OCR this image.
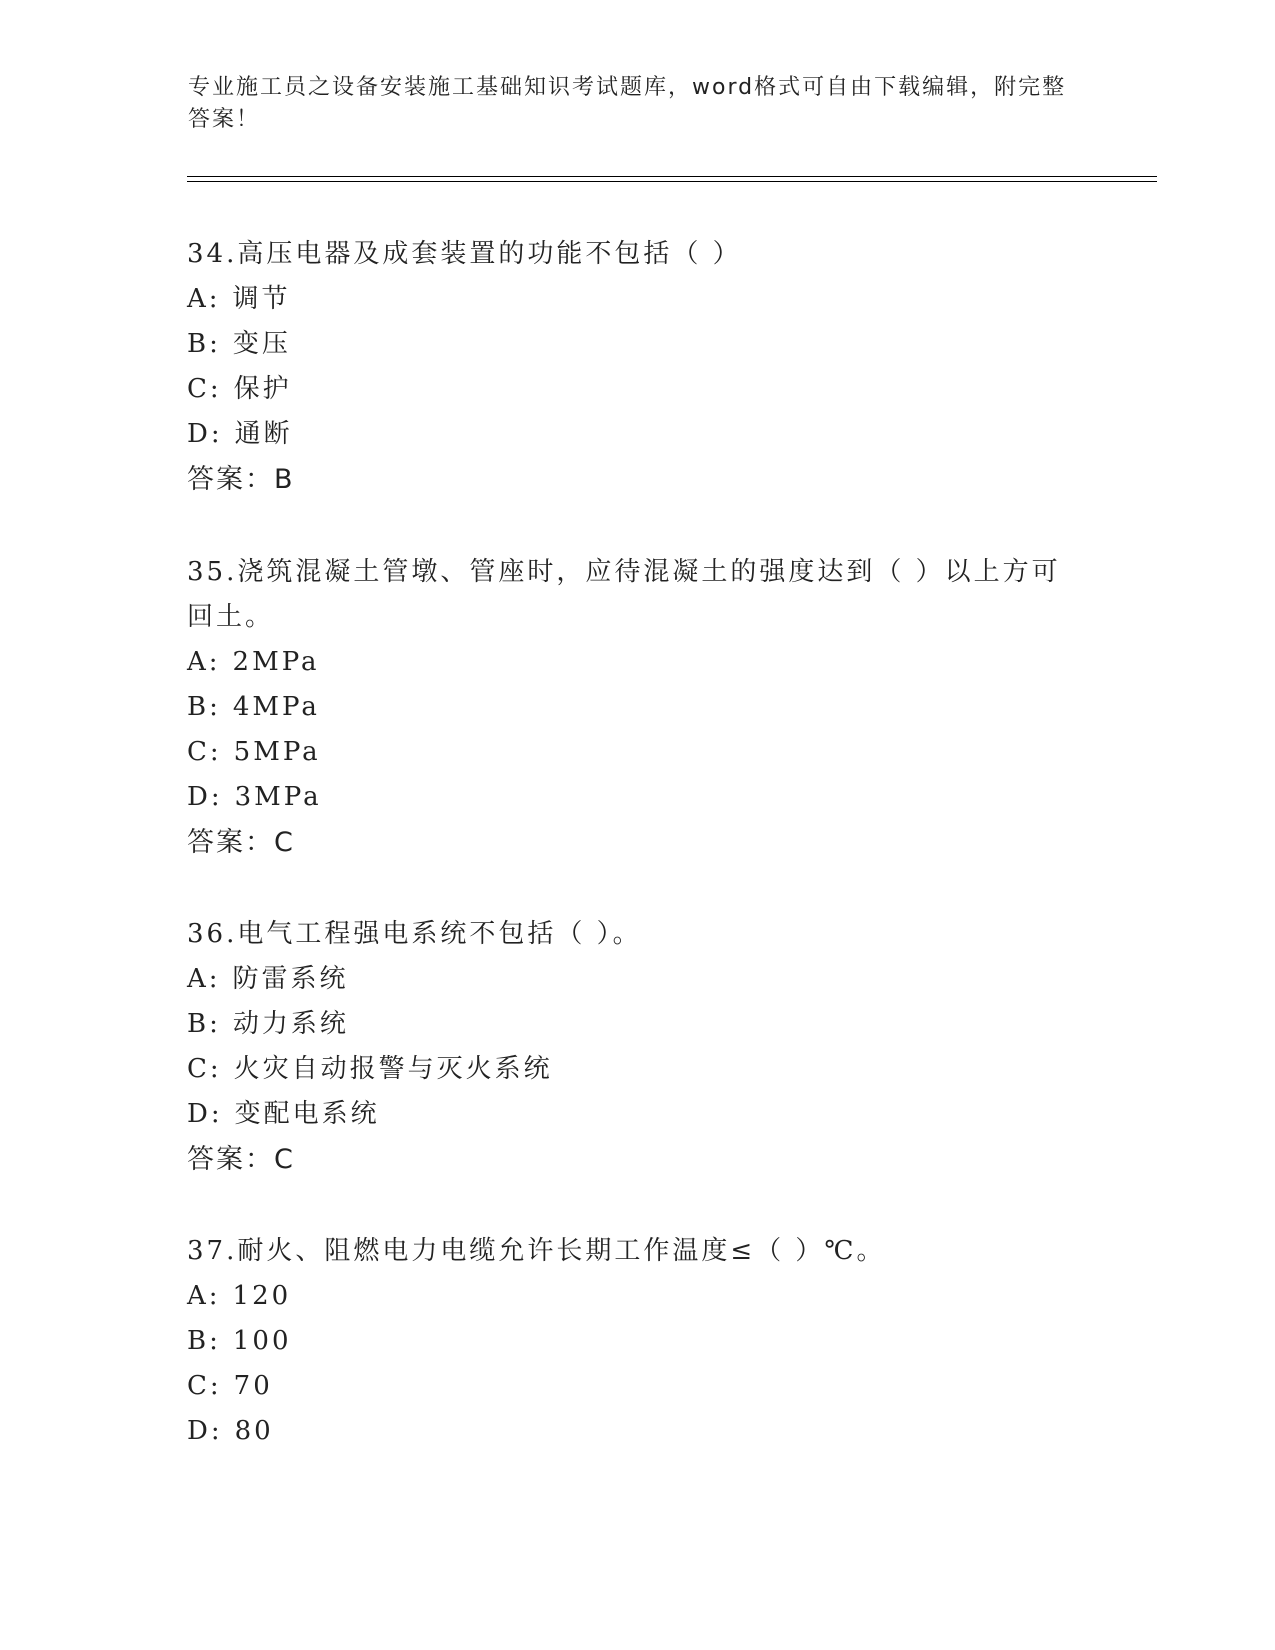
专业施工员之设备安装施工基础知识考试题库，word格式可自由下载编辑，附完整答案！

34.高压电器及成套装置的功能不包括（ ）

A: 调节

B: 变压

C: 保护

D: 通断

答案：B

35.浇筑混凝土管墩、管座时，应待混凝土的强度达到（ ）以上方可回土。

A: 2MPa

B: 4MPa

C: 5MPa

D: 3MPa

答案：C

36.电气工程强电系统不包括（ ）。

A: 防雷系统

B: 动力系统

C: 火灾自动报警与灭火系统

D: 变配电系统

答案：C

37.耐火、阻燃电力电缆允许长期工作温度≤（ ）℃。

A: 120

B: 100

C: 70

D: 80
